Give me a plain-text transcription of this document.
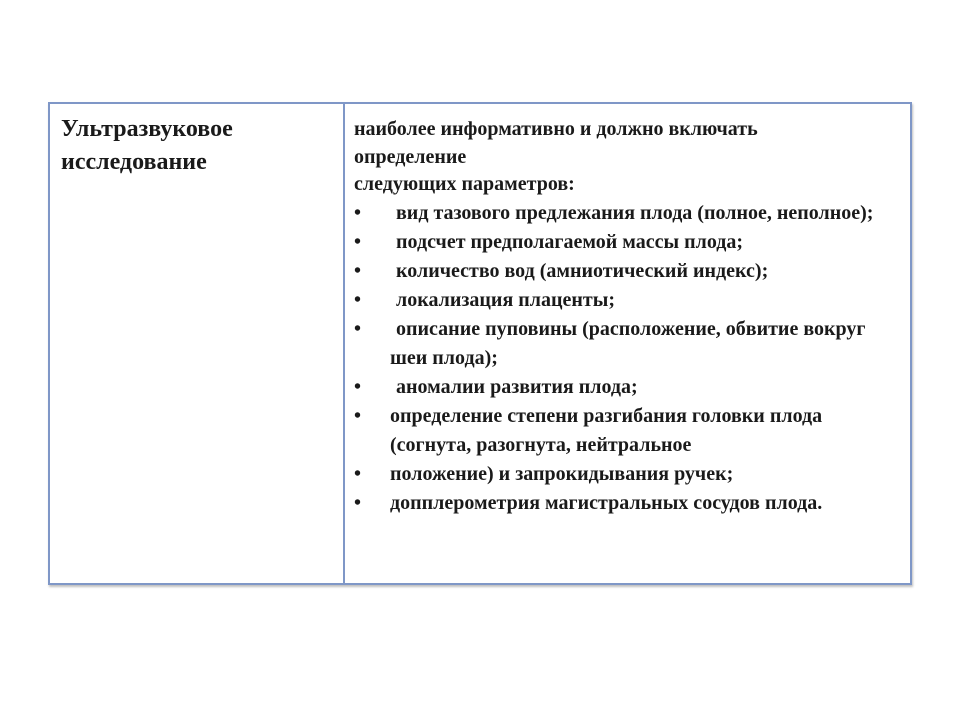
Ультразвуковое исследование

наиболее информативно и должно включать
определение
следующих параметров:

• вид тазового предлежания плода (полное, неполное);
• подсчет предполагаемой массы плода;
• количество вод (амниотический индекс);
• локализация плаценты;
• описание пуповины (расположение, обвитие вокруг шеи плода);
• аномалии развития плода;
• определение степени разгибания головки плода (согнута, разогнута, нейтральное
• положение) и запрокидывания ручек;
• допплерометрия магистральных сосудов плода.
